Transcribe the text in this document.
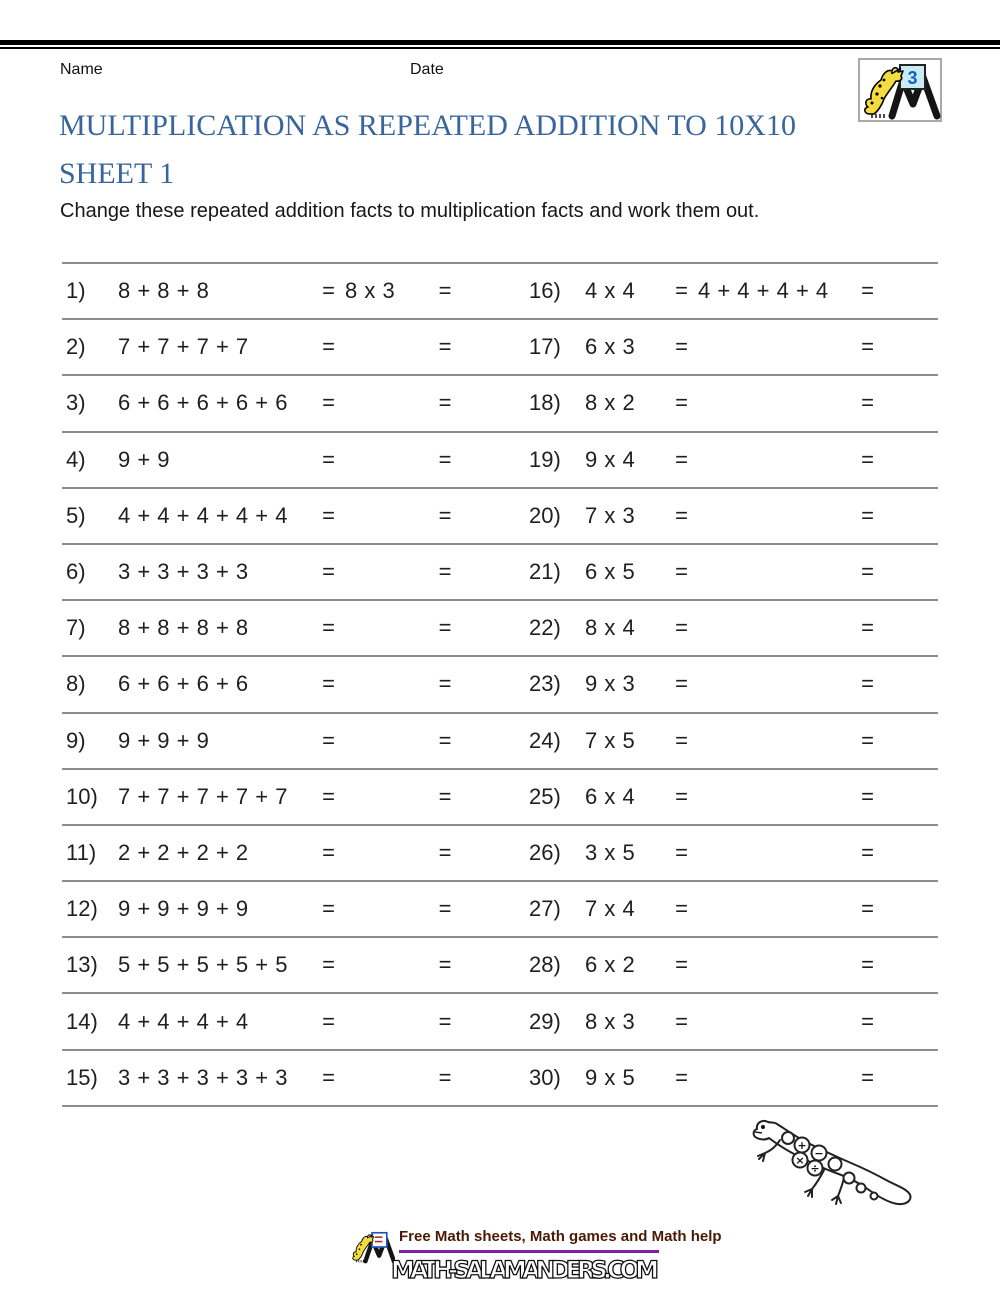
Name	Date	3
MULTIPLICATION AS REPEATED ADDITION TO 10X10
SHEET 1
Change these repeated addition facts to multiplication facts and work them out.
1)	8 + 8 + 8	= 8 x 3	=	16)	4 x 4	= 4 + 4 + 4 + 4	=
2)	7 + 7 + 7 + 7	=	=	17)	6 x 3	=	=
3)	6 + 6 + 6 + 6 + 6	=	=	18)	8 x 2	=	=
4)	9 + 9	=	=	19)	9 x 4	=	=
5)	4 + 4 + 4 + 4 + 4	=	=	20)	7 x 3	=	=
6)	3 + 3 + 3 + 3	=	=	21)	6 x 5	=	=
7)	8 + 8 + 8 + 8	=	=	22)	8 x 4	=	=
8)	6 + 6 + 6 + 6	=	=	23)	9 x 3	=	=
9)	9 + 9 + 9	=	=	24)	7 x 5	=	=
10) 7 + 7 + 7 + 7 + 7	=	=	25)	6 x 4	=	=
11) 2 + 2 + 2 + 2	=	=	26)	3 x 5	=	=
12) 9 + 9 + 9 + 9	=	=	27)	7 x 4	=	=
13) 5 + 5 + 5 + 5 + 5	=	=	28)	6 x 2	=	=
14) 4 + 4 + 4 + 4	=	=	29)	8 x 3	=	=
15) 3 + 3 + 3 + 3 + 3	=	=	30)	9 x 5	=	=
+
−
×
÷
Free Math sheets, Math games and Math help
MATH-SALAMANDERS.COM
